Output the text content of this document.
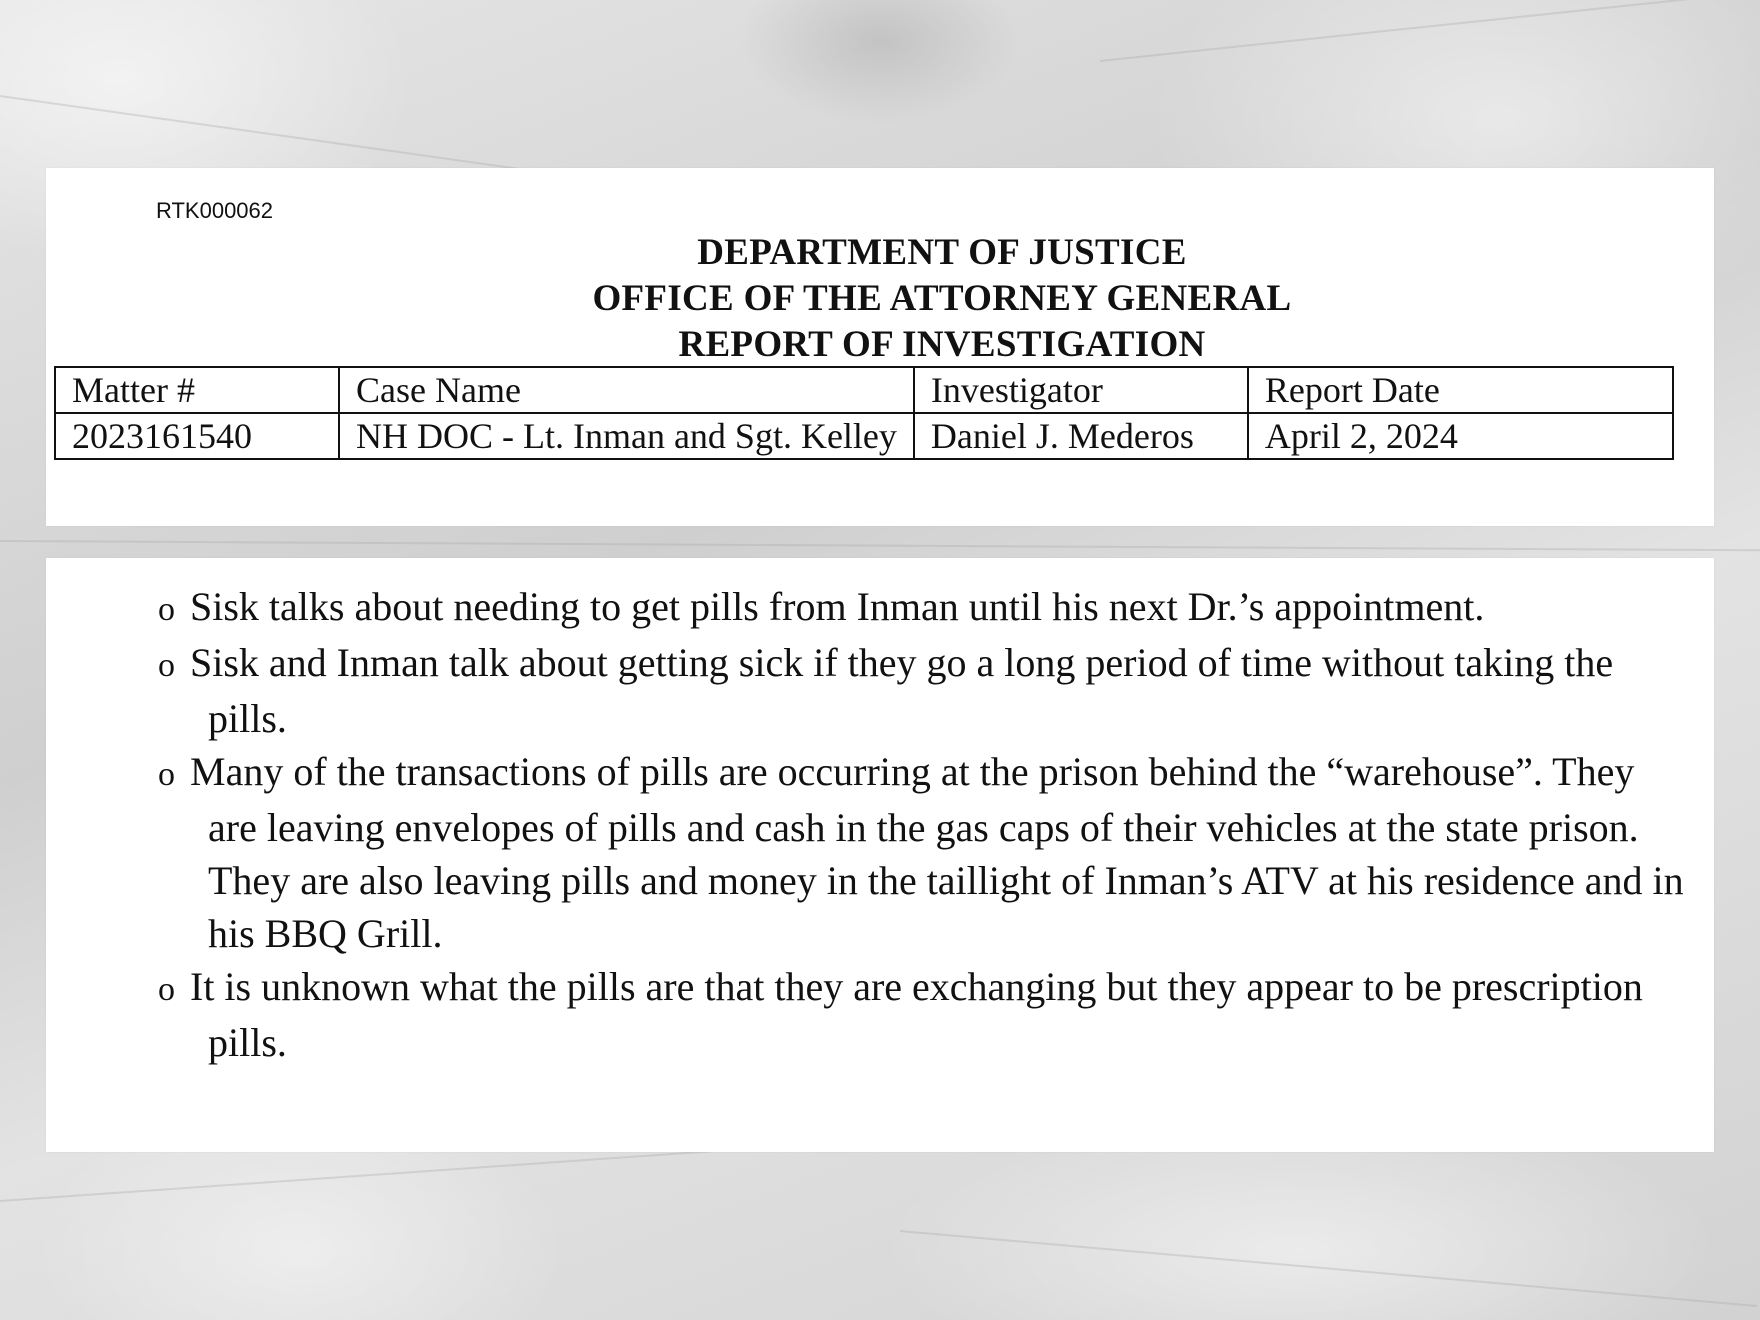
RTK000062
DEPARTMENT OF JUSTICE
OFFICE OF THE ATTORNEY GENERAL
REPORT OF INVESTIGATION
Matter #	Case Name	Investigator	Report Date
2023161540	NH DOC - Lt. Inman and Sgt. Kelley	Daniel J. Mederos	April 2, 2024
o Sisk talks about needing to get pills from Inman until his next Dr.’s appointment.
o Sisk and Inman talk about getting sick if they go a long period of time without taking the pills.
o Many of the transactions of pills are occurring at the prison behind the “warehouse”. They are leaving envelopes of pills and cash in the gas caps of their vehicles at the state prison. They are also leaving pills and money in the taillight of Inman’s ATV at his residence and in his BBQ Grill.
o It is unknown what the pills are that they are exchanging but they appear to be prescription pills.
